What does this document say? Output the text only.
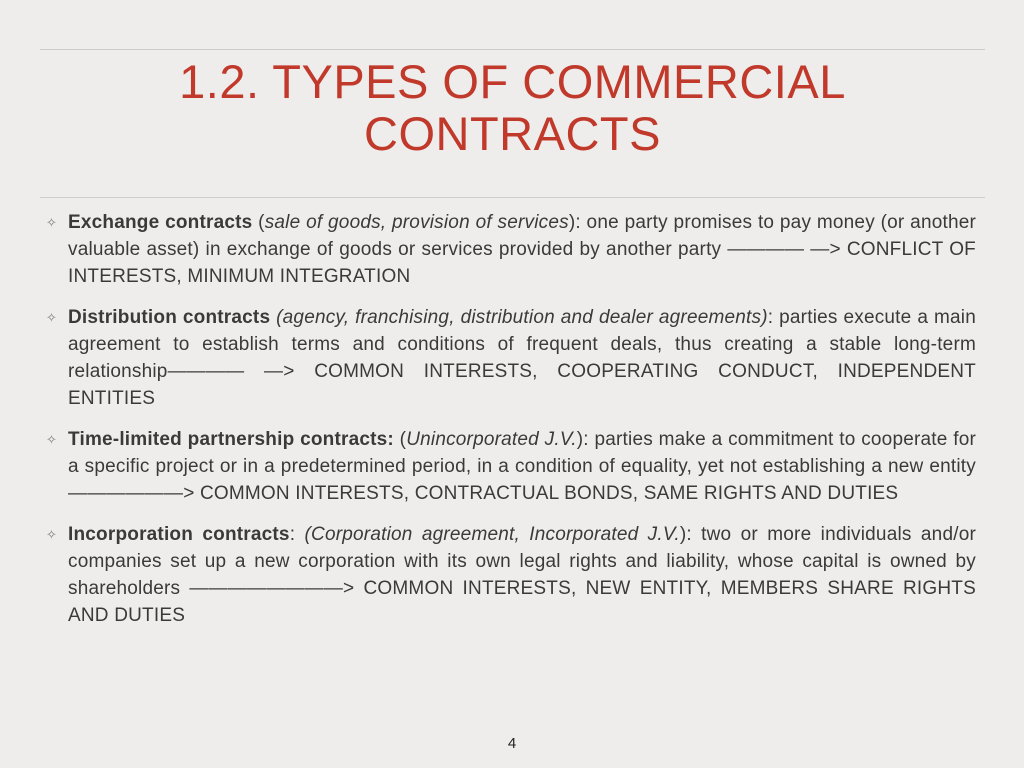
1.2. TYPES OF COMMERCIAL CONTRACTS
✧ Exchange contracts (sale of goods, provision of services): one party promises to pay money (or another valuable asset) in exchange of goods or services provided by another party ———— —> CONFLICT OF INTERESTS, MINIMUM INTEGRATION
✧ Distribution contracts (agency, franchising, distribution and dealer agreements): parties execute a main agreement to establish terms and conditions of frequent deals, thus creating a stable long-term relationship———— —> COMMON INTERESTS, COOPERATING CONDUCT, INDEPENDENT ENTITIES
✧ Time-limited partnership contracts: (Unincorporated J.V.): parties make a commitment to cooperate for a specific project or in a predetermined period, in a condition of equality, yet not establishing a new entity——————> COMMON INTERESTS, CONTRACTUAL BONDS, SAME RIGHTS AND DUTIES
✧ Incorporation contracts: (Corporation agreement, Incorporated J.V.): two or more individuals and/or companies set up a new corporation with its own legal rights and liability, whose capital is owned by shareholders ————————> COMMON INTERESTS, NEW ENTITY, MEMBERS SHARE RIGHTS AND DUTIES
4
